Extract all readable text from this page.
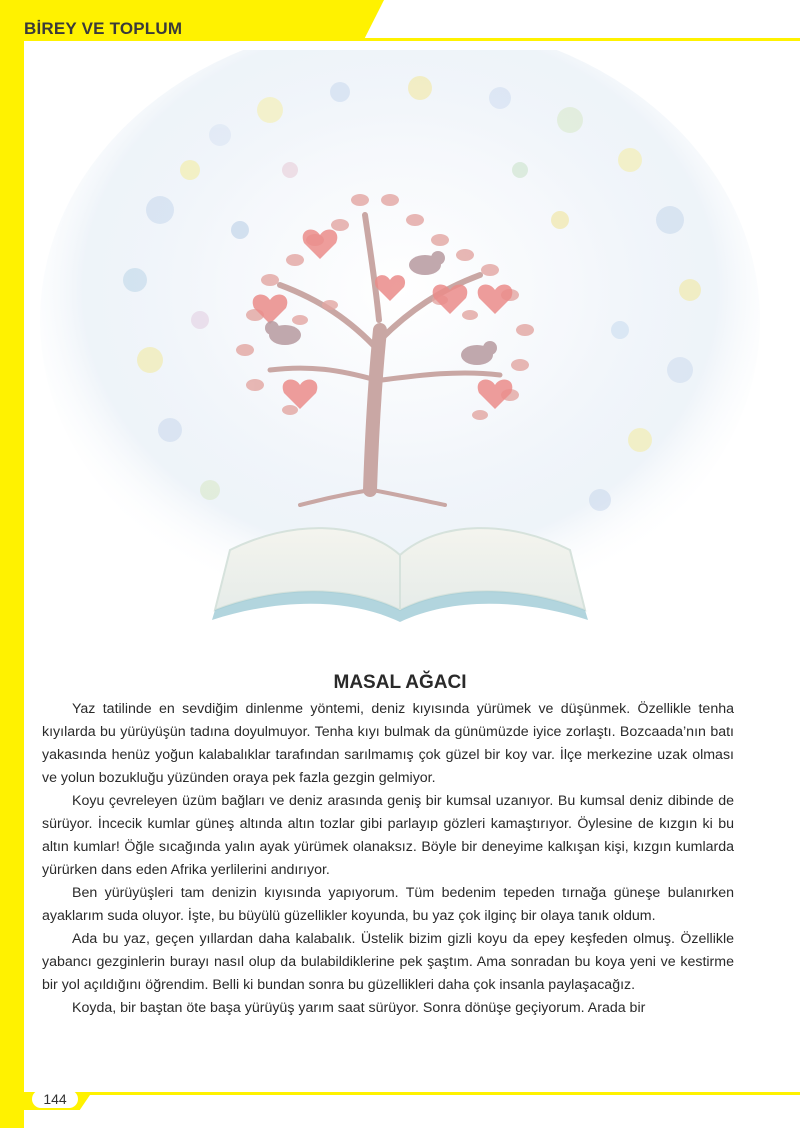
BİREY VE TOPLUM
MASAL AĞACI

Yaz tatilinde en sevdiğim dinlenme yöntemi, deniz kıyısında yürümek ve düşünmek. Özellikle tenha kıyılarda bu yürüyüşün tadına doyulmuyor. Tenha kıyı bulmak da günümüzde iyice zorlaştı. Bozcaada’nın batı yakasında henüz yoğun kalabalıklar tarafından sarılmamış çok güzel bir koy var. İlçe merkezine uzak olması ve yolun bozukluğu yüzünden oraya pek fazla gezgin gelmiyor.

Koyu çevreleyen üzüm bağları ve deniz arasında geniş bir kumsal uzanıyor. Bu kumsal deniz dibinde de sürüyor. İncecik kumlar güneş altında altın tozlar gibi parlayıp gözleri kamaştırıyor. Öylesine de kızgın ki bu altın kumlar! Öğle sıcağında yalın ayak yürümek olanaksız. Böyle bir deneyime kalkışan kişi, kızgın kumlarda yürürken dans eden Afrika yerlilerini andırıyor.

Ben yürüyüşleri tam denizin kıyısında yapıyorum. Tüm bedenim tepeden tırnağa güneşe bulanırken ayaklarım suda oluyor. İşte, bu büyülü güzellikler koyunda, bu yaz çok ilginç bir olaya tanık oldum.

Ada bu yaz, geçen yıllardan daha kalabalık. Üstelik bizim gizli koyu da epey keşfeden olmuş. Özellikle yabancı gezginlerin burayı nasıl olup da bulabildiklerine pek şaştım. Ama sonradan bu koya yeni ve kestirme bir yol açıldığını öğrendim. Belli ki bundan sonra bu güzellikleri daha çok insanla paylaşacağız.

Koyda, bir baştan öte başa yürüyüş yarım saat sürüyor. Sonra dönüşe geçiyorum. Arada bir

144
